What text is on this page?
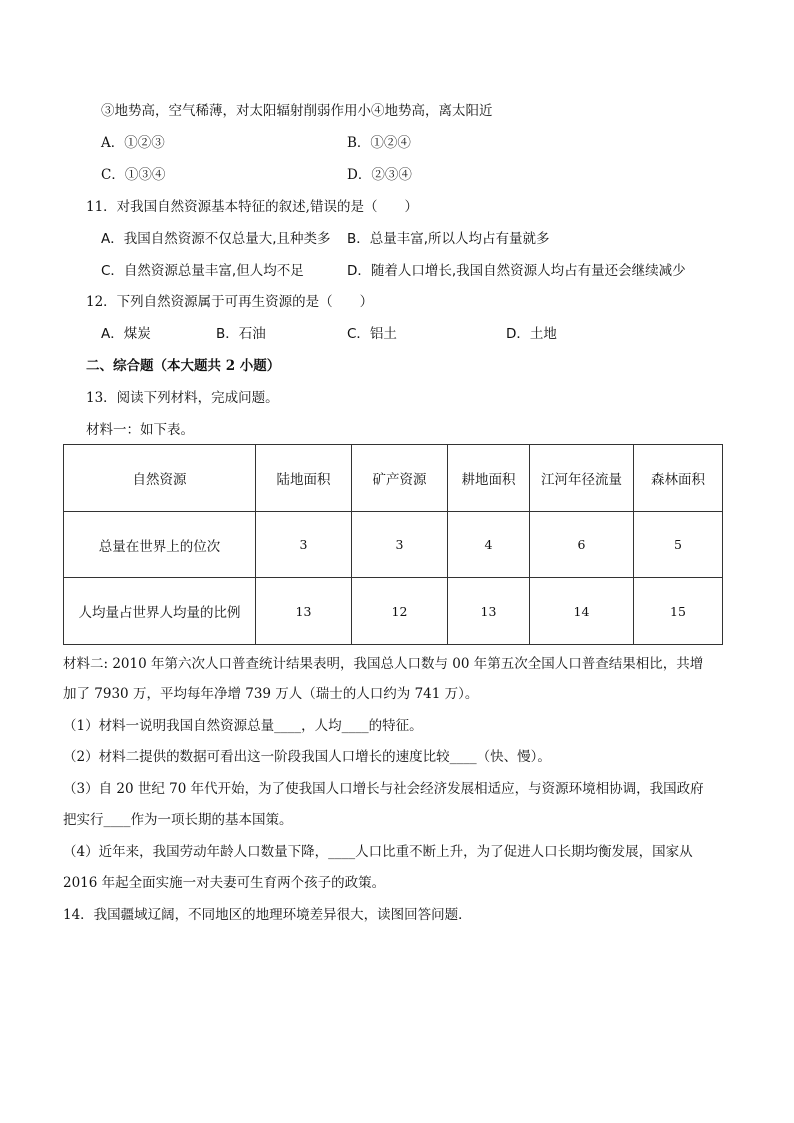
③地势高，空气稀薄，对太阳辐射削弱作用小④地势高，离太阳近
A．①②③	B．①②④
C．①③④	D．②③④
11．对我国自然资源基本特征的叙述,错误的是（　　）
A．我国自然资源不仅总量大,且种类多 B．总量丰富,所以人均占有量就多
C．自然资源总量丰富,但人均不足	D．随着人口增长,我国自然资源人均占有量还会继续减少
12．下列自然资源属于可再生资源的是（　　）
A．煤炭	B．石油	C．铝土	D．土地
二、综合题（本大题共 2 小题）
13．阅读下列材料，完成问题。
材料一：如下表。
自然资源	陆地面积	矿产资源	耕地面积	江河年径流量	森林面积
总量在世界上的位次	3	3	4	6	5
人均量占世界人均量的比例	13	12	13	14	15
材料二: 2010 年第六次人口普查统计结果表明，我国总人口数与 00 年第五次全国人口普查结果相比，共增
加了 7930 万，平均每年净增 739 万人（瑞士的人口约为 741 万）。
（1）材料一说明我国自然资源总量____，人均____的特征。
（2）材料二提供的数据可看出这一阶段我国人口增长的速度比较____（快、慢）。
（3）自 20 世纪 70 年代开始，为了使我国人口增长与社会经济发展相适应，与资源环境相协调，我国政府
把实行____作为一项长期的基本国策。
（4）近年来，我国劳动年龄人口数量下降，____人口比重不断上升，为了促进人口长期均衡发展，国家从
2016 年起全面实施一对夫妻可生育两个孩子的政策。
14．我国疆域辽阔，不同地区的地理环境差异很大，读图回答问题．
